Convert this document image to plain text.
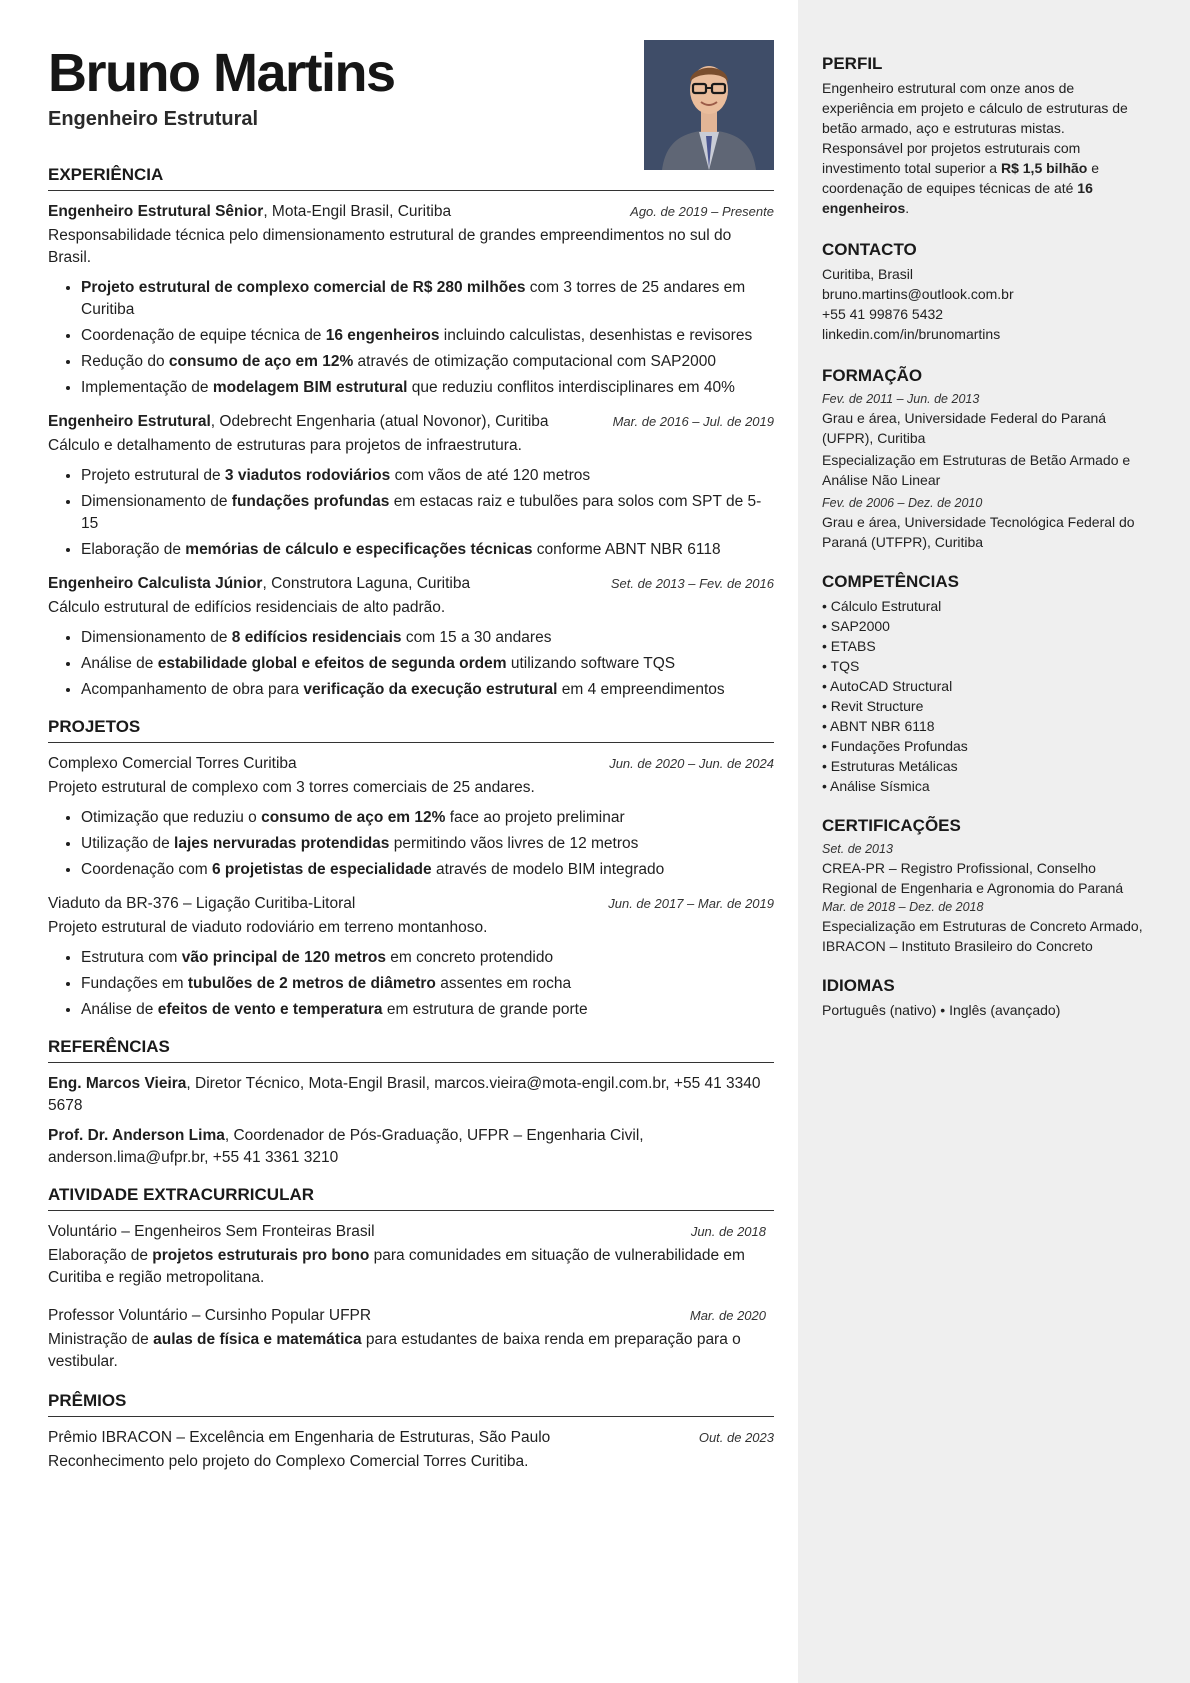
Bruno Martins
Engenheiro Estrutural
EXPERIÊNCIA
Engenheiro Estrutural Sênior, Mota-Engil Brasil, Curitiba	Ago. de 2019 – Presente
Responsabilidade técnica pelo dimensionamento estrutural de grandes empreendimentos no sul do Brasil.
• Projeto estrutural de complexo comercial de R$ 280 milhões com 3 torres de 25 andares em Curitiba
• Coordenação de equipe técnica de 16 engenheiros incluindo calculistas, desenhistas e revisores
• Redução do consumo de aço em 12% através de otimização computacional com SAP2000
• Implementação de modelagem BIM estrutural que reduziu conflitos interdisciplinares em 40%
Engenheiro Estrutural, Odebrecht Engenharia (atual Novonor), Curitiba	Mar. de 2016 – Jul. de 2019
Cálculo e detalhamento de estruturas para projetos de infraestrutura.
• Projeto estrutural de 3 viadutos rodoviários com vãos de até 120 metros
• Dimensionamento de fundações profundas em estacas raiz e tubulões para solos com SPT de 5-15
• Elaboração de memórias de cálculo e especificações técnicas conforme ABNT NBR 6118
Engenheiro Calculista Júnior, Construtora Laguna, Curitiba	Set. de 2013 – Fev. de 2016
Cálculo estrutural de edifícios residenciais de alto padrão.
• Dimensionamento de 8 edifícios residenciais com 15 a 30 andares
• Análise de estabilidade global e efeitos de segunda ordem utilizando software TQS
• Acompanhamento de obra para verificação da execução estrutural em 4 empreendimentos
PROJETOS
Complexo Comercial Torres Curitiba	Jun. de 2020 – Jun. de 2024
Projeto estrutural de complexo com 3 torres comerciais de 25 andares.
• Otimização que reduziu o consumo de aço em 12% face ao projeto preliminar
• Utilização de lajes nervuradas protendidas permitindo vãos livres de 12 metros
• Coordenação com 6 projetistas de especialidade através de modelo BIM integrado
Viaduto da BR-376 – Ligação Curitiba-Litoral	Jun. de 2017 – Mar. de 2019
Projeto estrutural de viaduto rodoviário em terreno montanhoso.
• Estrutura com vão principal de 120 metros em concreto protendido
• Fundações em tubulões de 2 metros de diâmetro assentes em rocha
• Análise de efeitos de vento e temperatura em estrutura de grande porte
REFERÊNCIAS
Eng. Marcos Vieira, Diretor Técnico, Mota-Engil Brasil, marcos.vieira@mota-engil.com.br, +55 41 3340 5678
Prof. Dr. Anderson Lima, Coordenador de Pós-Graduação, UFPR – Engenharia Civil, anderson.lima@ufpr.br, +55 41 3361 3210
ATIVIDADE EXTRACURRICULAR
Voluntário – Engenheiros Sem Fronteiras Brasil	Jun. de 2018
Elaboração de projetos estruturais pro bono para comunidades em situação de vulnerabilidade em Curitiba e região metropolitana.
Professor Voluntário – Cursinho Popular UFPR	Mar. de 2020
Ministração de aulas de física e matemática para estudantes de baixa renda em preparação para o vestibular.
PRÊMIOS
Prêmio IBRACON – Excelência em Engenharia de Estruturas, São Paulo	Out. de 2023
Reconhecimento pelo projeto do Complexo Comercial Torres Curitiba.
PERFIL
Engenheiro estrutural com onze anos de experiência em projeto e cálculo de estruturas de betão armado, aço e estruturas mistas. Responsável por projetos estruturais com investimento total superior a R$ 1,5 bilhão e coordenação de equipes técnicas de até 16 engenheiros.
CONTACTO
Curitiba, Brasil
bruno.martins@outlook.com.br
+55 41 99876 5432
linkedin.com/in/brunomartins
FORMAÇÃO
Fev. de 2011 – Jun. de 2013
Grau e área, Universidade Federal do Paraná (UFPR), Curitiba
Especialização em Estruturas de Betão Armado e Análise Não Linear
Fev. de 2006 – Dez. de 2010
Grau e área, Universidade Tecnológica Federal do Paraná (UTFPR), Curitiba
COMPETÊNCIAS
• Cálculo Estrutural
• SAP2000
• ETABS
• TQS
• AutoCAD Structural
• Revit Structure
• ABNT NBR 6118
• Fundações Profundas
• Estruturas Metálicas
• Análise Sísmica
CERTIFICAÇÕES
Set. de 2013
CREA-PR – Registro Profissional, Conselho Regional de Engenharia e Agronomia do Paraná
Mar. de 2018 – Dez. de 2018
Especialização em Estruturas de Concreto Armado, IBRACON – Instituto Brasileiro do Concreto
IDIOMAS
Português (nativo) • Inglês (avançado)
